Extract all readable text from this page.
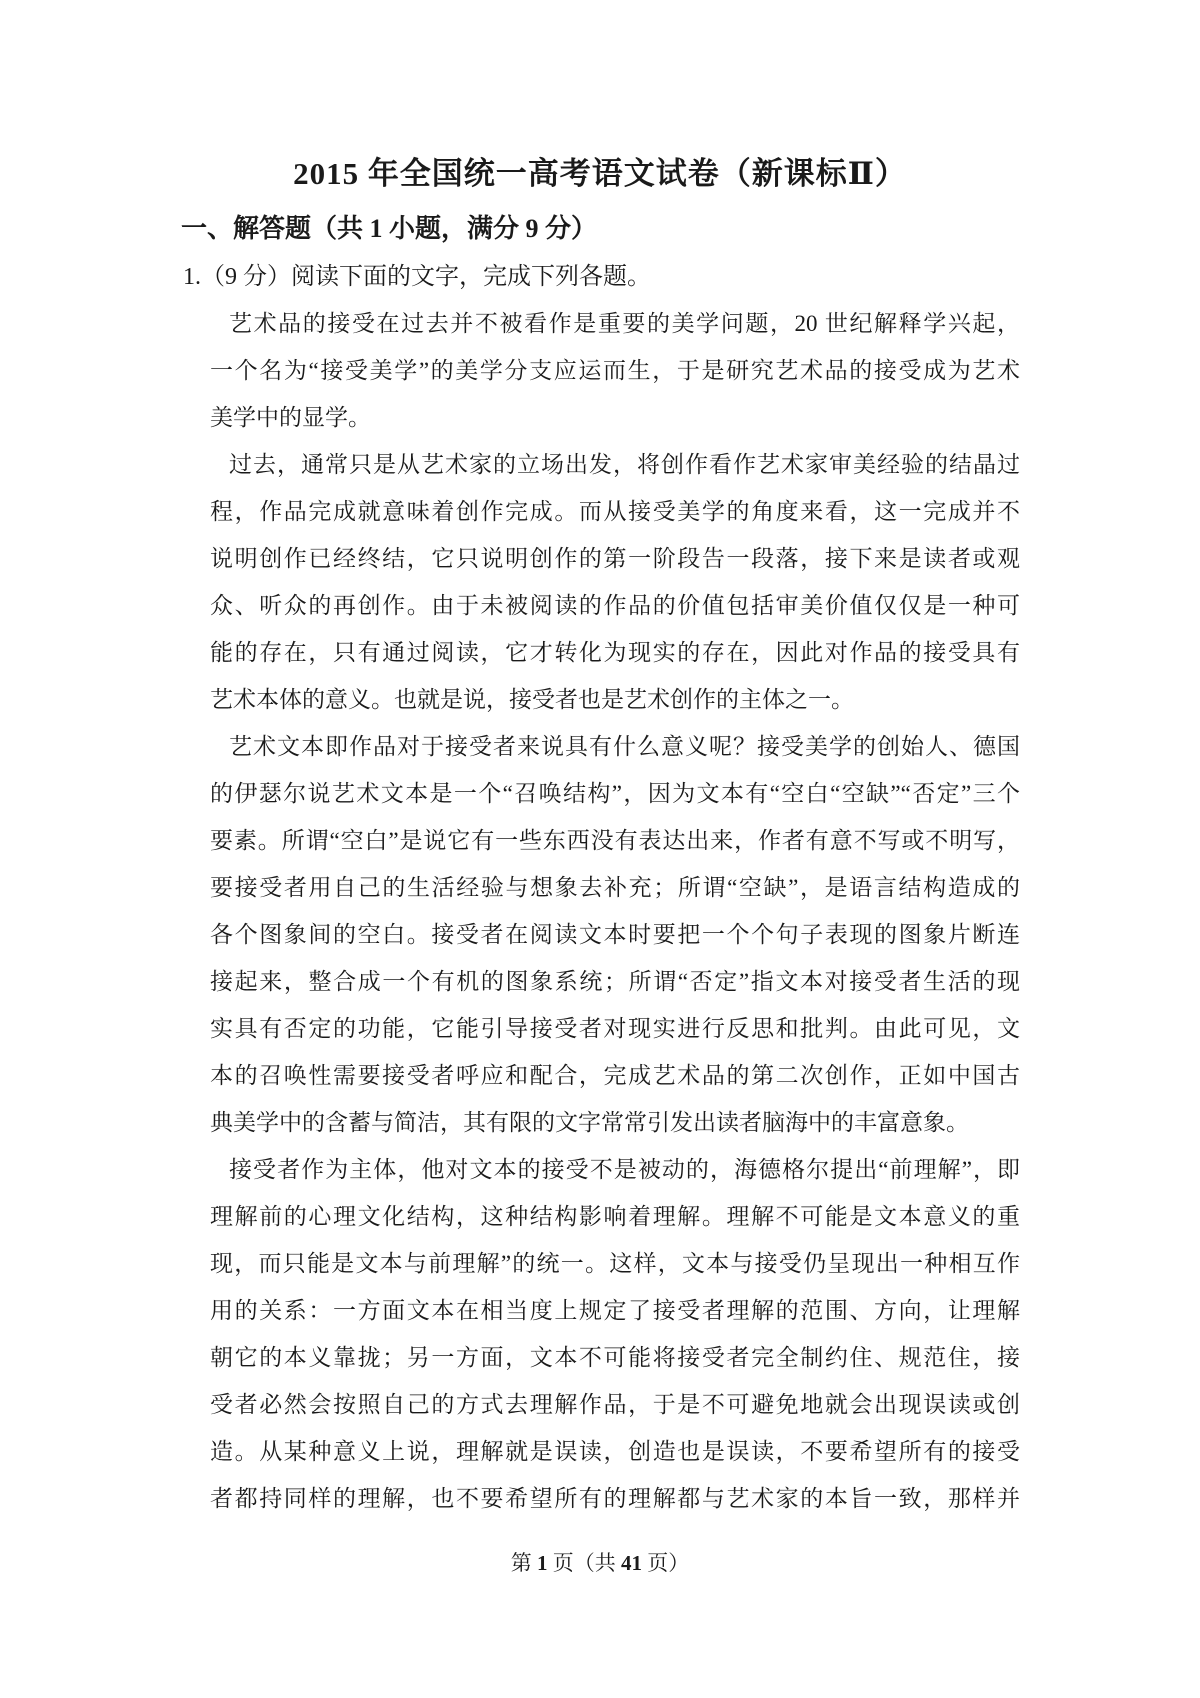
2015 年全国统一高考语文试卷（新课标Ⅱ）
一、解答题（共 1 小题，满分 9 分）
1.（9 分）阅读下面的文字，完成下列各题。
艺术品的接受在过去并不被看作是重要的美学问题，20 世纪解释学兴起，
一个名为“接受美学”的美学分支应运而生，于是研究艺术品的接受成为艺术
美学中的显学。
过去，通常只是从艺术家的立场出发，将创作看作艺术家审美经验的结晶过
程，作品完成就意味着创作完成。而从接受美学的角度来看，这一完成并不
说明创作已经终结，它只说明创作的第一阶段告一段落，接下来是读者或观
众、听众的再创作。由于未被阅读的作品的价值包括审美价值仅仅是一种可
能的存在，只有通过阅读，它才转化为现实的存在，因此对作品的接受具有
艺术本体的意义。也就是说，接受者也是艺术创作的主体之一。
艺术文本即作品对于接受者来说具有什么意义呢？接受美学的创始人、德国
的伊瑟尔说艺术文本是一个“召唤结构”，因为文本有“空白“空缺”“否定”三个
要素。所谓“空白”是说它有一些东西没有表达出来，作者有意不写或不明写，
要接受者用自己的生活经验与想象去补充；所谓“空缺”，是语言结构造成的
各个图象间的空白。接受者在阅读文本时要把一个个句子表现的图象片断连
接起来，整合成一个有机的图象系统；所谓“否定”指文本对接受者生活的现
实具有否定的功能，它能引导接受者对现实进行反思和批判。由此可见，文
本的召唤性需要接受者呼应和配合，完成艺术品的第二次创作，正如中国古
典美学中的含蓄与简洁，其有限的文字常常引发出读者脑海中的丰富意象。
接受者作为主体，他对文本的接受不是被动的，海德格尔提出“前理解”，即
理解前的心理文化结构，这种结构影响着理解。理解不可能是文本意义的重
现，而只能是文本与前理解”的统一。这样，文本与接受仍呈现出一种相互作
用的关系：一方面文本在相当度上规定了接受者理解的范围、方向，让理解
朝它的本义靠拢；另一方面，文本不可能将接受者完全制约住、规范住，接
受者必然会按照自己的方式去理解作品，于是不可避免地就会出现误读或创
造。从某种意义上说，理解就是误读，创造也是误读，不要希望所有的接受
者都持同样的理解，也不要希望所有的理解都与艺术家的本旨一致，那样并
第 1 页（共 41 页）
